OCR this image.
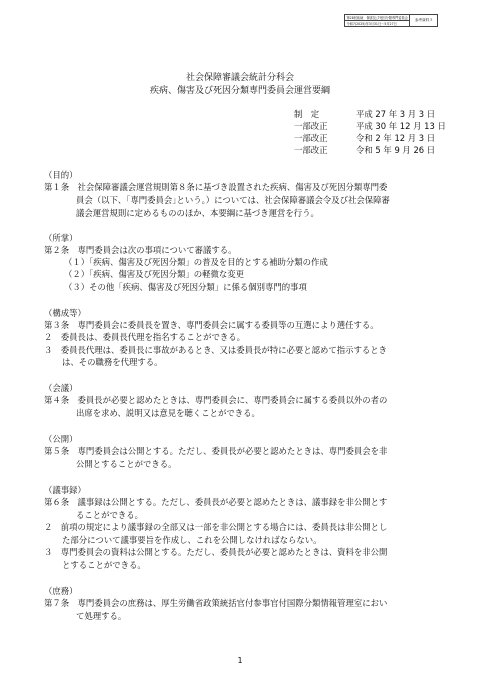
第28回疾病、傷害及び死因分類専門委員会	参考資料５
令和7(2025)年3月31日～5月27日
社会保障審議会統計分科会
疾病、傷害及び死因分類専門委員会運営要綱
制　定	平成 27 年 3 月 3 日
一部改正	平成 30 年 12 月 13 日
一部改正	令和 2 年 12 月 3 日
一部改正	令和 5 年 9 月 26 日
（目的）
第１条　社会保障審議会運営規則第８条に基づき設置された疾病、傷害及び死因分類専門委
員会（以下、｢専門委員会｣という。）については、社会保障審議会令及び社会保障審
議会運営規則に定めるもののほか、本要綱に基づき運営を行う。
（所掌）
第２条　専門委員会は次の事項について審議する。
（１）「疾病、傷害及び死因分類」の普及を目的とする補助分類の作成
（２）「疾病、傷害及び死因分類」の軽微な変更
（３）その他「疾病、傷害及び死因分類」に係る個別専門的事項
（構成等）
第３条　専門委員会に委員長を置き、専門委員会に属する委員等の互選により選任する。
２　委員長は、委員長代理を指名することができる。
３　委員長代理は、委員長に事故があるとき、又は委員長が特に必要と認めて指示するとき
は、その職務を代理する。
（会議）
第４条　委員長が必要と認めたときは、専門委員会に、専門委員会に属する委員以外の者の
出席を求め、説明又は意見を聴くことができる。
（公開）
第５条　専門委員会は公開とする。ただし、委員長が必要と認めたときは、専門委員会を非
公開とすることができる。
（議事録）
第６条　議事録は公開とする。ただし、委員長が必要と認めたときは、議事録を非公開とす
ることができる。
２　前項の規定により議事録の全部又は一部を非公開とする場合には、委員長は非公開とし
た部分について議事要旨を作成し、これを公開しなければならない。
３　専門委員会の資料は公開とする。ただし、委員長が必要と認めたときは、資料を非公開
とすることができる。
（庶務）
第７条　専門委員会の庶務は、厚生労働省政策統括官付参事官付国際分類情報管理室におい
て処理する。
1
